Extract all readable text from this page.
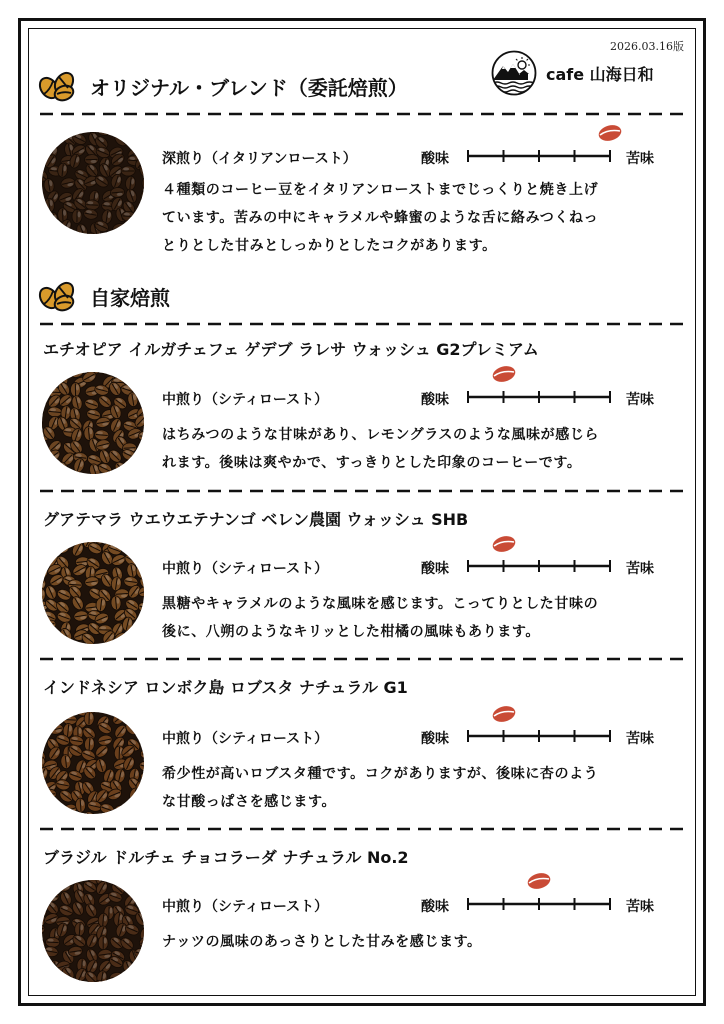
2026.03.16版
cafe 山海日和
オリジナル・ブレンド（委託焙煎）
深煎り（イタリアンロースト）	酸味	苦味
４種類のコーヒー豆をイタリアンローストまでじっくりと焼き上げ
ています。苦みの中にキャラメルや蜂蜜のような舌に絡みつくねっ
とりとした甘みとしっかりとしたコクがあります。
自家焙煎
エチオピア イルガチェフェ ゲデブ ラレサ ウォッシュ G2プレミアム
中煎り（シティロースト）	酸味	苦味
はちみつのような甘味があり、レモングラスのような風味が感じら
れます。後味は爽やかで、すっきりとした印象のコーヒーです。
グアテマラ ウエウエテナンゴ ベレン農園 ウォッシュ SHB
中煎り（シティロースト）	酸味	苦味
黒糖やキャラメルのような風味を感じます。こってりとした甘味の
後に、八朔のようなキリッとした柑橘の風味もあります。
インドネシア ロンボク島 ロブスタ ナチュラル G1
中煎り（シティロースト）	酸味	苦味
希少性が高いロブスタ種です。コクがありますが、後味に杏のよう
な甘酸っぱさを感じます。
ブラジル ドルチェ チョコラーダ ナチュラル No.2
中煎り（シティロースト）	酸味	苦味
ナッツの風味のあっさりとした甘みを感じます。
